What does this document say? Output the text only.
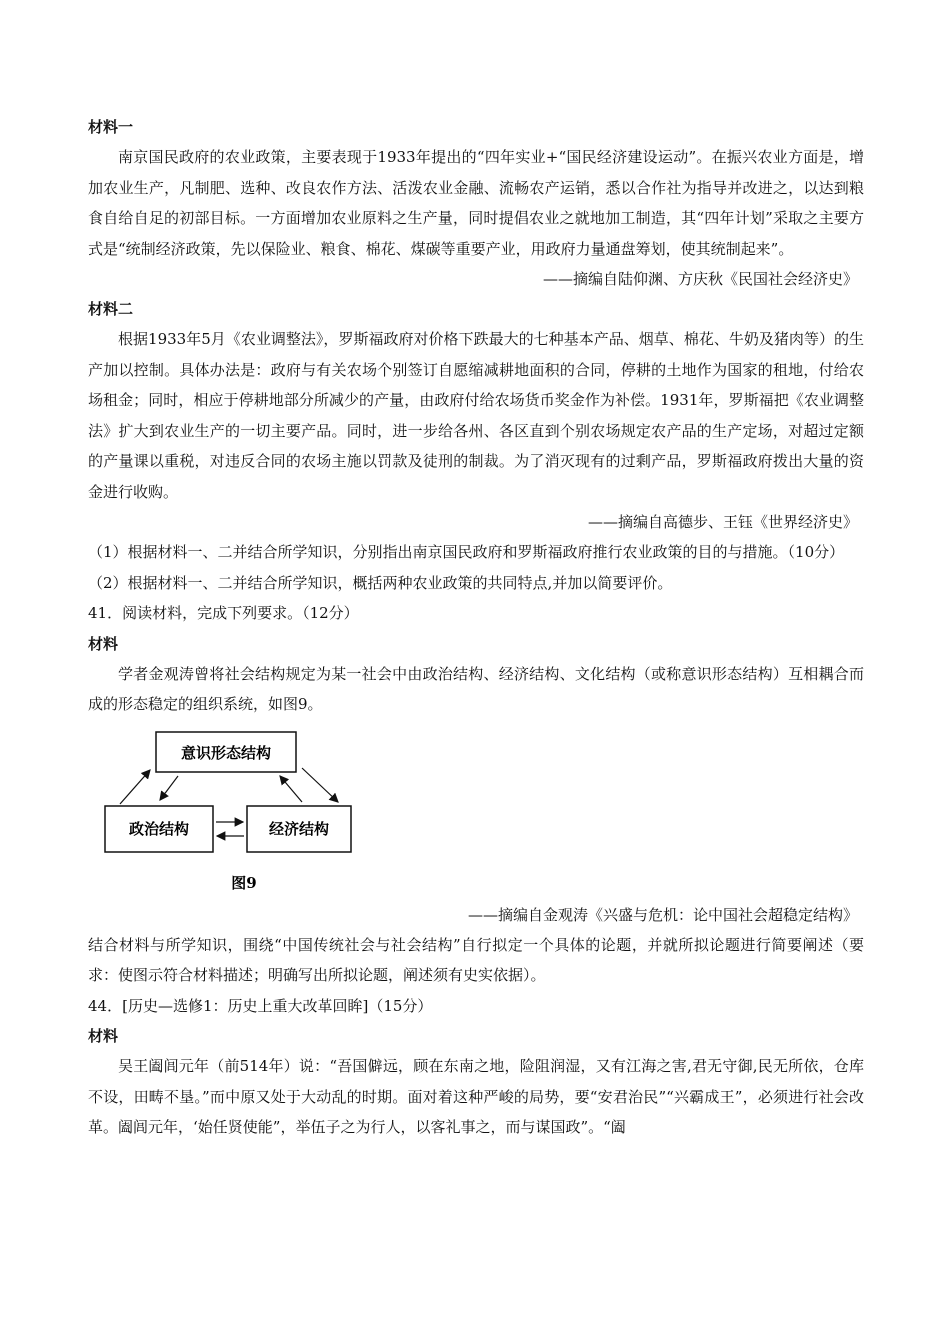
材料一

南京国民政府的农业政策，主要表现于1933年提出的“四年实业+“国民经济建设运动”。在振兴农业方面是，增加农业生产，凡制肥、选种、改良农作方法、活泼农业金融、流畅农产运销，悉以合作社为指导并改进之，以达到粮食自给自足的初部目标。一方面增加农业原料之生产量，同时提倡农业之就地加工制造，其“四年计划”采取之主要方式是“统制经济政策，先以保险业、粮食、棉花、煤碳等重要产业，用政府力量通盘筹划，使其统制起来”。

——摘编自陆仰渊、方庆秋《民国社会经济史》
材料二

根据1933年5月《农业调整法》，罗斯福政府对价格下跌最大的七种基本产品、烟草、棉花、牛奶及猪肉等）的生产加以控制。具体办法是：政府与有关农场个别签订自愿缩减耕地面积的合同，停耕的土地作为国家的租地，付给农场租金；同时，相应于停耕地部分所减少的产量，由政府付给农场货币奖金作为补偿。1931年，罗斯福把《农业调整法》扩大到农业生产的一切主要产品。同时，进一步给各州、各区直到个别农场规定农产品的生产定场，对超过定额的产量课以重税，对违反合同的农场主施以罚款及徒刑的制裁。为了消灭现有的过剩产品，罗斯福政府拨出大量的资金进行收购。

——摘编自高德步、王钰《世界经济史》

（1）根据材料一、二并结合所学知识，分别指出南京国民政府和罗斯福政府推行农业政策的目的与措施。（10分）

（2）根据材料一、二并结合所学知识，概括两种农业政策的共同特点,并加以简要评价。

41．阅读材料，完成下列要求。（12分）

材料

学者金观涛曾将社会结构规定为某一社会中由政治结构、经济结构、文化结构（或称意识形态结构）互相耦合而成的形态稳定的组织系统，如图9。

意识形态结构
政治结构	经济结构
图9
——摘编自金观涛《兴盛与危机：论中国社会超稳定结构》

结合材料与所学知识，围绕“中国传统社会与社会结构”自行拟定一个具体的论题，并就所拟论题进行简要阐述（要求：使图示符合材料描述；明确写出所拟论题，阐述须有史实依据）。

44．[历史—选修1：历史上重大改革回眸]（15分）

材料

吴王阖闾元年（前514年）说：“吾国僻远，顾在东南之地，险阻润湿，又有江海之害,君无守御,民无所依，仓库不设，田畴不垦。”而中原又处于大动乱的时期。面对着这种严峻的局势，要“安君治民”“兴霸成王”，必须进行社会改革。阖闾元年，‘始任贤使能”，举伍子之为行人，以客礼事之，而与谋国政”。“阖
